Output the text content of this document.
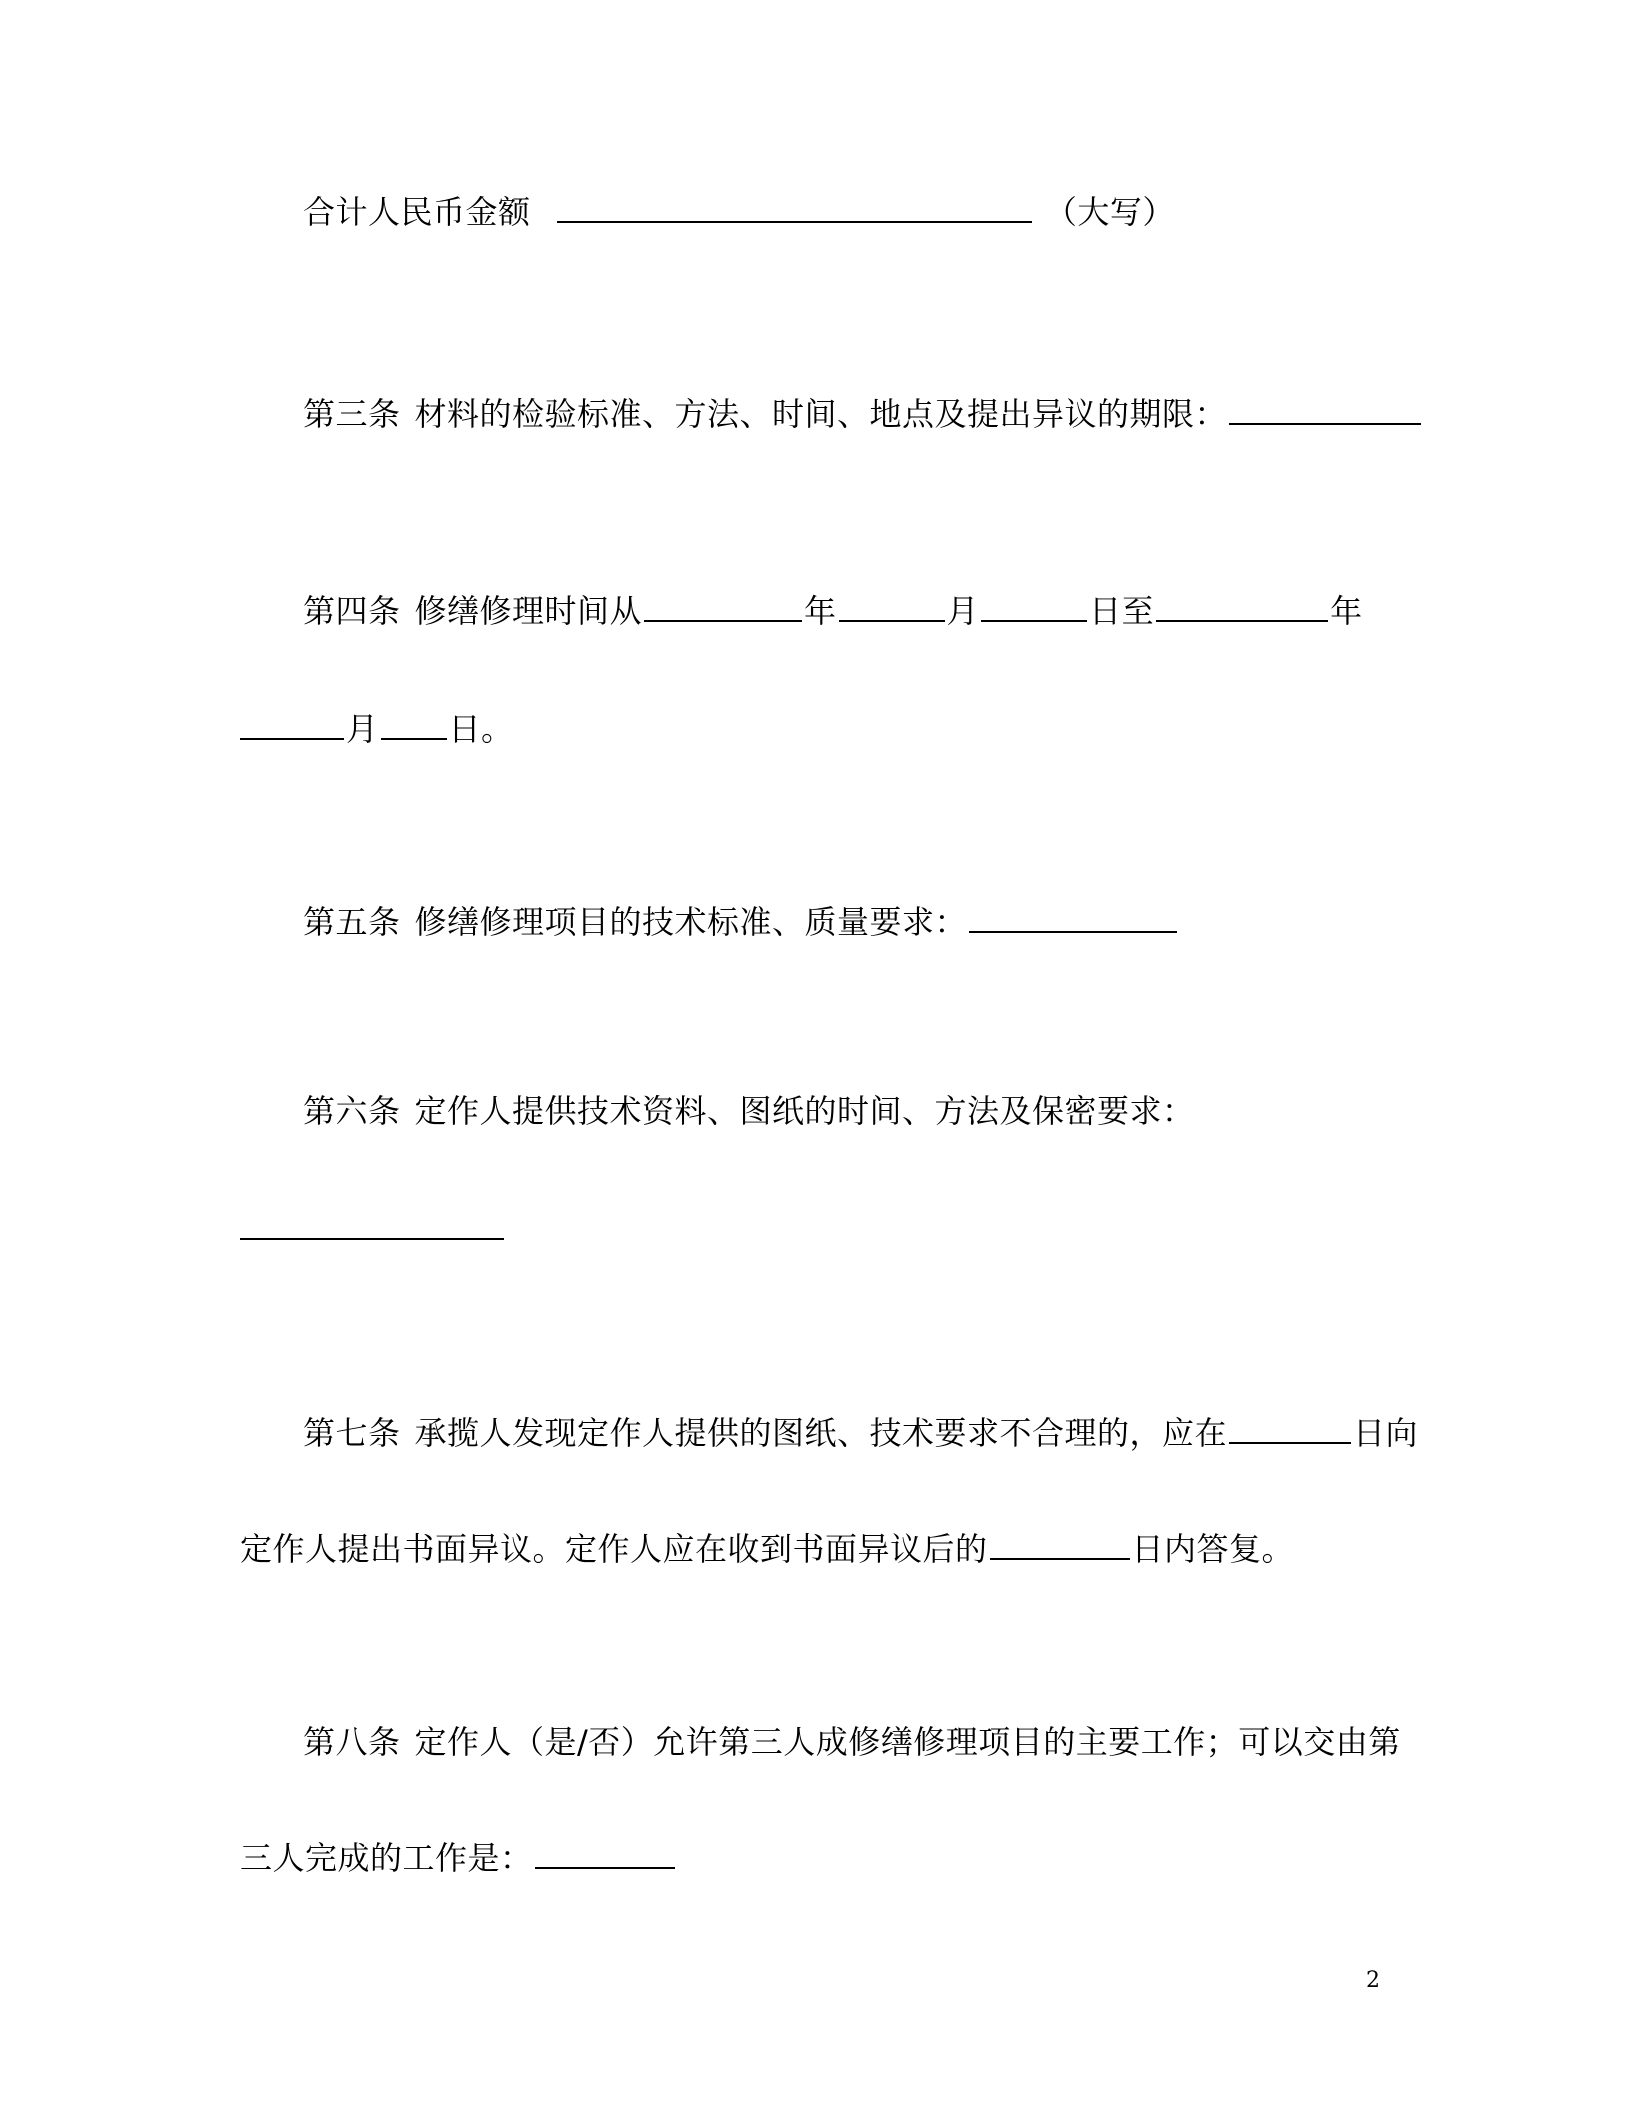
合计人民币金额	（大写）
第三条 材料的检验标准、方法、时间、地点及提出异议的期限：
第四条 修缮修理时间从	年	月	日至	年
月 日。
第五条 修缮修理项目的技术标准、质量要求：
第六条 定作人提供技术资料、图纸的时间、方法及保密要求：
第七条 承揽人发现定作人提供的图纸、技术要求不合理的，应在	日向
定作人提出书面异议。定作人应在收到书面异议后的	日内答复。
第八条 定作人（是/否）允许第三人成修缮修理项目的主要工作；可以交由第
三人完成的工作是：
2
